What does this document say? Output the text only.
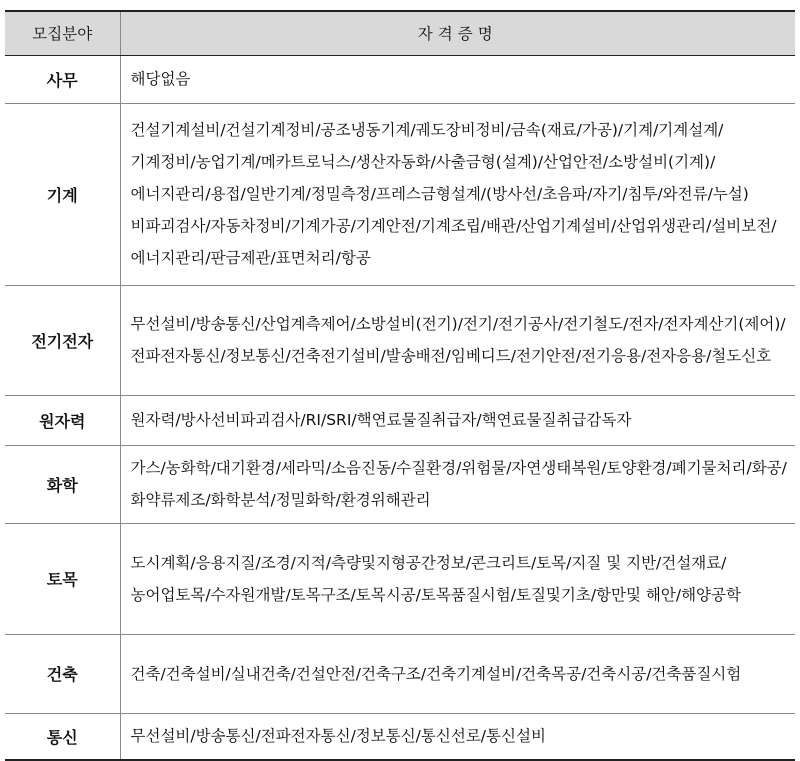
모집분야	자격증명
사무	해당없음
기계	건설기계설비/건설기계정비/공조냉동기계/궤도장비정비/금속(재료/가공)/기계/기계설계/기계정비/농업기계/메카트로닉스/생산자동화/사출금형(설계)/산업안전/소방설비(기계)/에너지관리/용접/일반기계/정밀측정/프레스금형설계/(방사선/초음파/자기/침투/와전류/누설)비파괴검사/자동차정비/기계가공/기계안전/기계조립/배관/산업기계설비/산업위생관리/설비보전/에너지관리/판금제관/표면처리/항공
전기전자	무선설비/방송통신/산업계측제어/소방설비(전기)/전기/전기공사/전기철도/전자/전자계산기(제어)/전파전자통신/정보통신/건축전기설비/발송배전/임베디드/전기안전/전기응용/전자응용/철도신호
원자력	원자력/방사선비파괴검사/RI/SRI/핵연료물질취급자/핵연료물질취급감독자
화학	가스/농화학/대기환경/세라믹/소음진동/수질환경/위험물/자연생태복원/토양환경/폐기물처리/화공/화약류제조/화학분석/정밀화학/환경위해관리
토목	도시계획/응용지질/조경/지적/측량및지형공간정보/콘크리트/토목/지질 및 지반/건설재료/농어업토목/수자원개발/토목구조/토목시공/토목품질시험/토질및기초/항만및 해안/해양공학
건축	건축/건축설비/실내건축/건설안전/건축구조/건축기계설비/건축목공/건축시공/건축품질시험
통신	무선설비/방송통신/전파전자통신/정보통신/통신선로/통신설비
